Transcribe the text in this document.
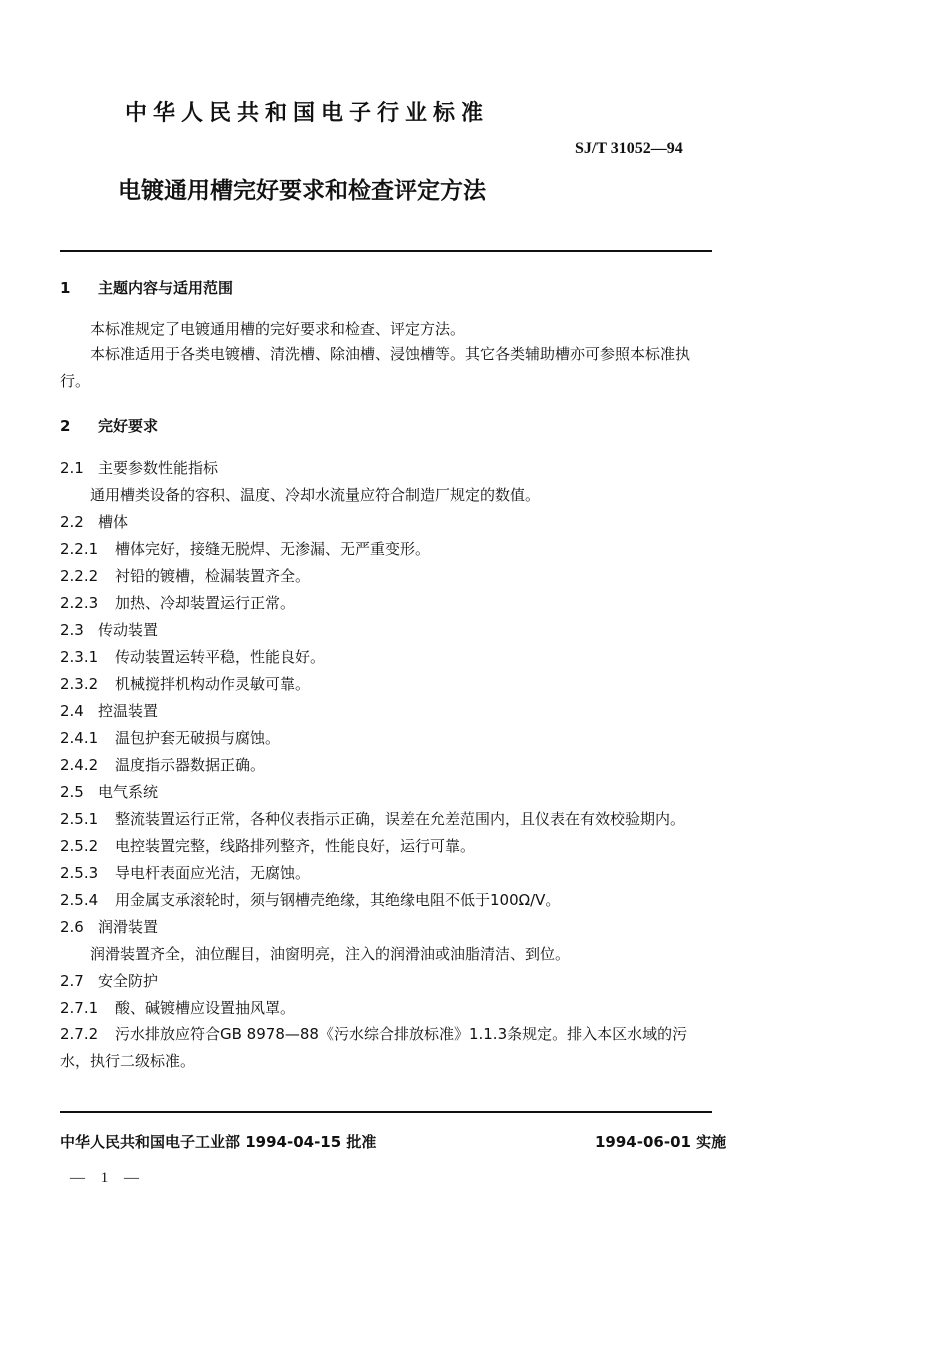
中华人民共和国电子行业标准
SJ/T 31052—94
电镀通用槽完好要求和检查评定方法
1 主题内容与适用范围
本标准规定了电镀通用槽的完好要求和检查、评定方法。
本标准适用于各类电镀槽、清洗槽、除油槽、浸蚀槽等。其它各类辅助槽亦可参照本标准执行。
2 完好要求
2.1 主要参数性能指标
通用槽类设备的容积、温度、冷却水流量应符合制造厂规定的数值。
2.2 槽体
2.2.1 槽体完好，接缝无脱焊、无渗漏、无严重变形。
2.2.2 衬铅的镀槽，检漏装置齐全。
2.2.3 加热、冷却装置运行正常。
2.3 传动装置
2.3.1 传动装置运转平稳，性能良好。
2.3.2 机械搅拌机构动作灵敏可靠。
2.4 控温装置
2.4.1 温包护套无破损与腐蚀。
2.4.2 温度指示器数据正确。
2.5 电气系统
2.5.1 整流装置运行正常，各种仪表指示正确，误差在允差范围内，且仪表在有效校验期内。
2.5.2 电控装置完整，线路排列整齐，性能良好，运行可靠。
2.5.3 导电杆表面应光洁，无腐蚀。
2.5.4 用金属支承滚轮时，须与钢槽壳绝缘，其绝缘电阻不低于100Ω/V。
2.6 润滑装置
润滑装置齐全，油位醒目，油窗明亮，注入的润滑油或油脂清洁、到位。
2.7 安全防护
2.7.1 酸、碱镀槽应设置抽风罩。
2.7.2 污水排放应符合GB 8978—88《污水综合排放标准》1.1.3条规定。排入本区水域的污水，执行二级标准。
中华人民共和国电子工业部 1994-04-15 批准	1994-06-01 实施
— 1 —
